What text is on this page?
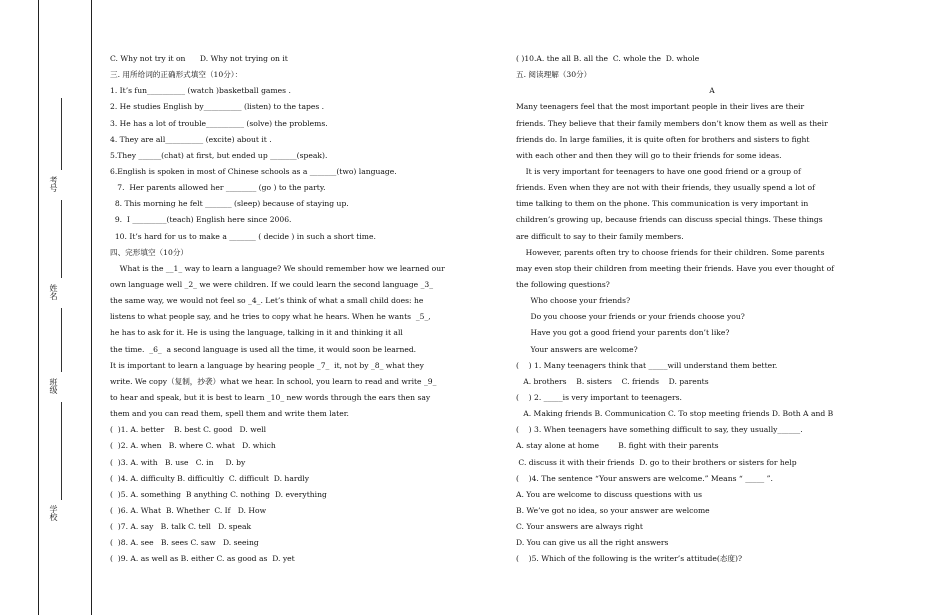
考号
姓名
班级
学校
C. Why not try it on      D. Why not trying on it
三. 用所给词的正确形式填空（10分）：
1. It’s fun__________ (watch )basketball games .
2. He studies English by__________ (listen) to the tapes .
3. He has a lot of trouble__________ (solve) the problems.
4. They are all__________ (excite) about it .
5.They ______(chat) at first, but ended up _______(speak).
6.English is spoken in most of Chinese schools as a _______(two) language.
7.  Her parents allowed her ________ (go ) to the party.
8. This morning he felt _______ (sleep) because of staying up.
9.  I _________(teach) English here since 2006.
10. It’s hard for us to make a _______ ( decide ) in such a short time.
四、完形填空（10分）
What is the __1_ way to learn a language? We should remember how we learned our
own language well _2_ we were children. If we could learn the second language _3_
the same way, we would not feel so _4_. Let’s think of what a small child does: he
listens to what people say, and he tries to copy what he hears. When he wants  _5_,
he has to ask for it. He is using the language, talking in it and thinking it all
the time.  _6_  a second language is used all the time, it would soon be learned.
It is important to learn a language by hearing people _7_  it, not by _8_ what they
write. We copy（复制，抄袭）what we hear. In school, you learn to read and write _9_
to hear and speak, but it is best to learn _10_ new words through the ears then say
them and you can read them, spell them and write them later.
(  )1. A. better    B. best C. good   D. well
(  )2. A. when   B. where C. what   D. which
(  )3. A. with   B. use   C. in     D. by
(  )4. A. difficulty B. difficultly  C. difficult  D. hardly
(  )5. A. something  B anything C. nothing  D. everything
(  )6. A. What  B. Whether  C. If   D. How
(  )7. A. say   B. talk C. tell   D. speak
(  )8. A. see   B. sees C. saw   D. seeing
(  )9. A. as well as B. either C. as good as  D. yet
( )10.A. the all B. all the  C. whole the  D. whole
五. 阅读理解（30分）
A
Many teenagers feel that the most important people in their lives are their
friends. They believe that their family members don’t know them as well as their
friends do. In large families, it is quite often for brothers and sisters to fight
with each other and then they will go to their friends for some ideas.
It is very important for teenagers to have one good friend or a group of
friends. Even when they are not with their friends, they usually spend a lot of
time talking to them on the phone. This communication is very important in
children’s growing up, because friends can discuss special things. These things
are difficult to say to their family members.
However, parents often try to choose friends for their children. Some parents
may even stop their children from meeting their friends. Have you ever thought of
the following questions?
Who choose your friends?
Do you choose your friends or your friends choose you?
Have you got a good friend your parents don’t like?
Your answers are welcome?
(    ) 1. Many teenagers think that _____will understand them better.
A. brothers    B. sisters    C. friends    D. parents
(    ) 2. _____is very important to teenagers.
A. Making friends B. Communication C. To stop meeting friends D. Both A and B
(    ) 3. When teenagers have something difficult to say, they usually______.
A. stay alone at home        B. fight with their parents
C. discuss it with their friends  D. go to their brothers or sisters for help
(    )4. The sentence “Your answers are welcome.” Means “ _____ ”.
A. You are welcome to discuss questions with us
B. We’ve got no idea, so your answer are welcome
C. Your answers are always right
D. You can give us all the right answers
(    )5. Which of the following is the writer’s attitude(态度)?
